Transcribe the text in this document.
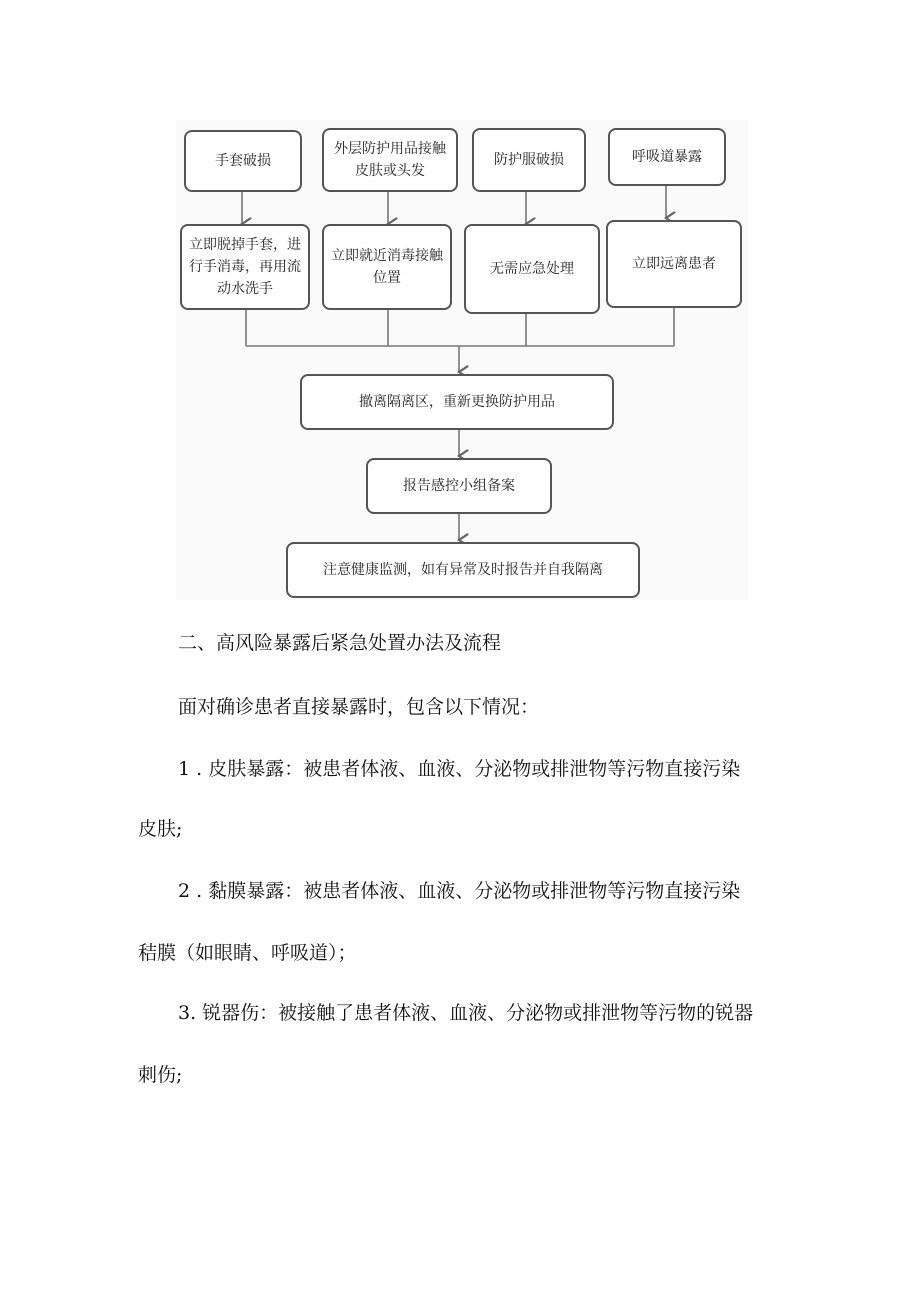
手套破损
外层防护用品接触皮肤或头发
防护服破损	呼吸道暴露
立即脱掉手套，进行手消毒，再用流动水洗手
立即就近消毒接触位置
无需应急处理	立即远离患者
撤离隔离区，重新更换防护用品
报告感控小组备案
注意健康监测，如有异常及时报告并自我隔离
二、高风险暴露后紧急处置办法及流程
面对确诊患者直接暴露时，包含以下情况：
1 . 皮肤暴露：被患者体液、血液、分泌物或排泄物等污物直接污染
皮肤;
2 . 黏膜暴露：被患者体液、血液、分泌物或排泄物等污物直接污染
秸膜（如眼睛、呼吸道）；
3. 锐器伤：被接触了患者体液、血液、分泌物或排泄物等污物的锐器
刺伤;
